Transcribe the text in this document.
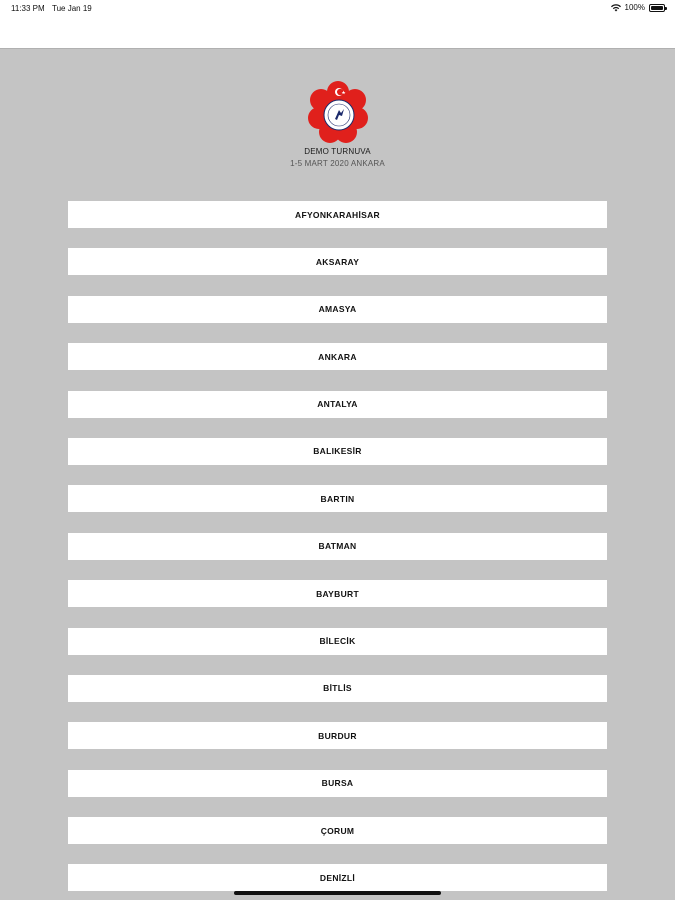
11:33 PM Tue Jan 19	100%
DEMO TURNUVA
1-5 MART 2020 ANKARA
AFYONKARAHİSAR
AKSARAY
AMASYA
ANKARA
ANTALYA
BALIKESİR
BARTIN
BATMAN
BAYBURT
BİLECİK
BİTLİS
BURDUR
BURSA
ÇORUM
DENİZLİ
